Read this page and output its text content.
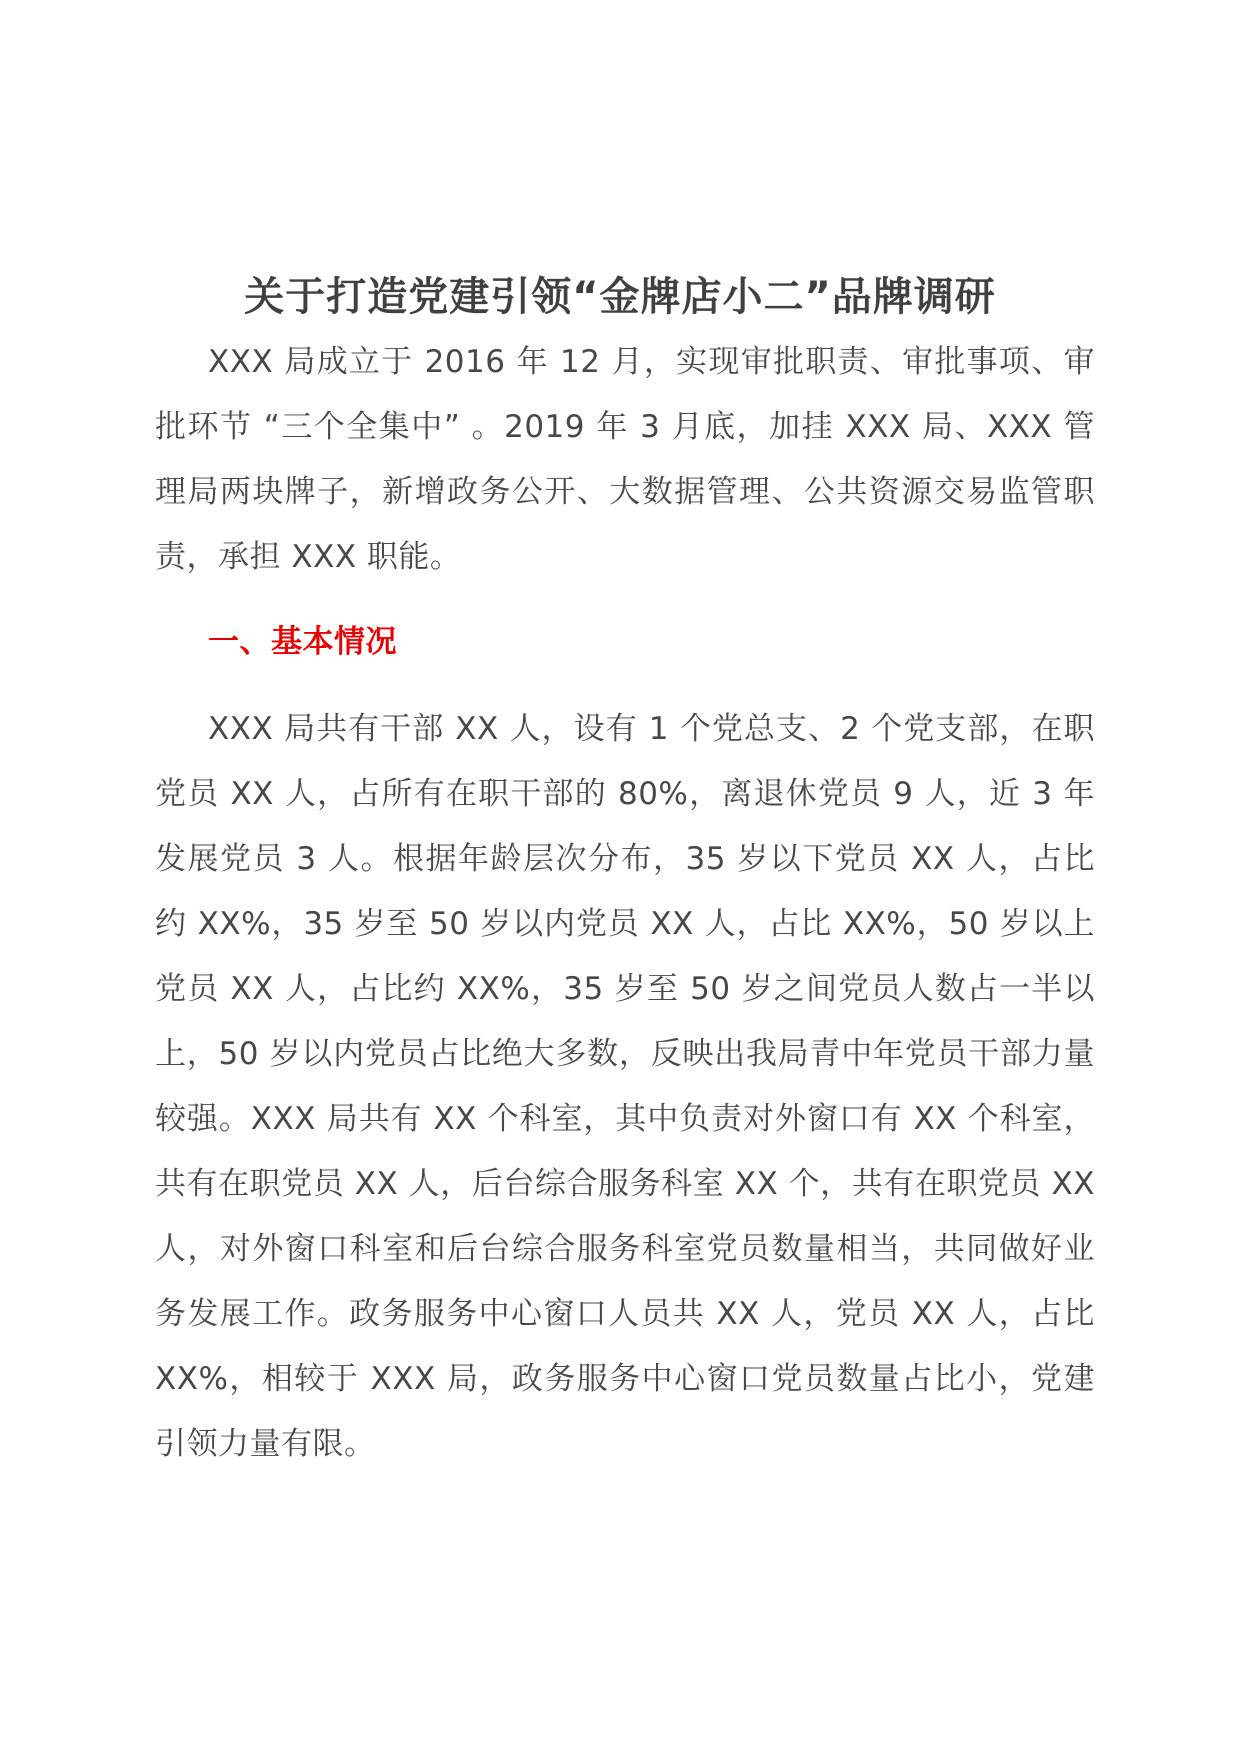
关于打造党建引领“金牌店小二”品牌调研

XXX 局成立于 2016 年 12 月，实现审批职责、审批事项、审批环节 “三个全集中” 。2019 年 3 月底，加挂 XXX 局、XXX 管理局两块牌子，新增政务公开、大数据管理、公共资源交易监管职责，承担 XXX 职能。

一、基本情况

XXX 局共有干部 XX 人，设有 1 个党总支、2 个党支部，在职党员 XX 人，占所有在职干部的 80%，离退休党员 9 人，近 3 年发展党员 3 人。根据年龄层次分布，35 岁以下党员 XX 人，占比约 XX%，35 岁至 50 岁以内党员 XX 人，占比 XX%，50 岁以上党员 XX 人，占比约 XX%，35 岁至 50 岁之间党员人数占一半以上，50 岁以内党员占比绝大多数，反映出我局青中年党员干部力量较强。XXX 局共有 XX 个科室，其中负责对外窗口有 XX 个科室，共有在职党员 XX 人，后台综合服务科室 XX 个，共有在职党员 XX 人，对外窗口科室和后台综合服务科室党员数量相当，共同做好业务发展工作。政务服务中心窗口人员共 XX 人，党员 XX 人，占比 XX%，相较于 XXX 局，政务服务中心窗口党员数量占比小，党建引领力量有限。
